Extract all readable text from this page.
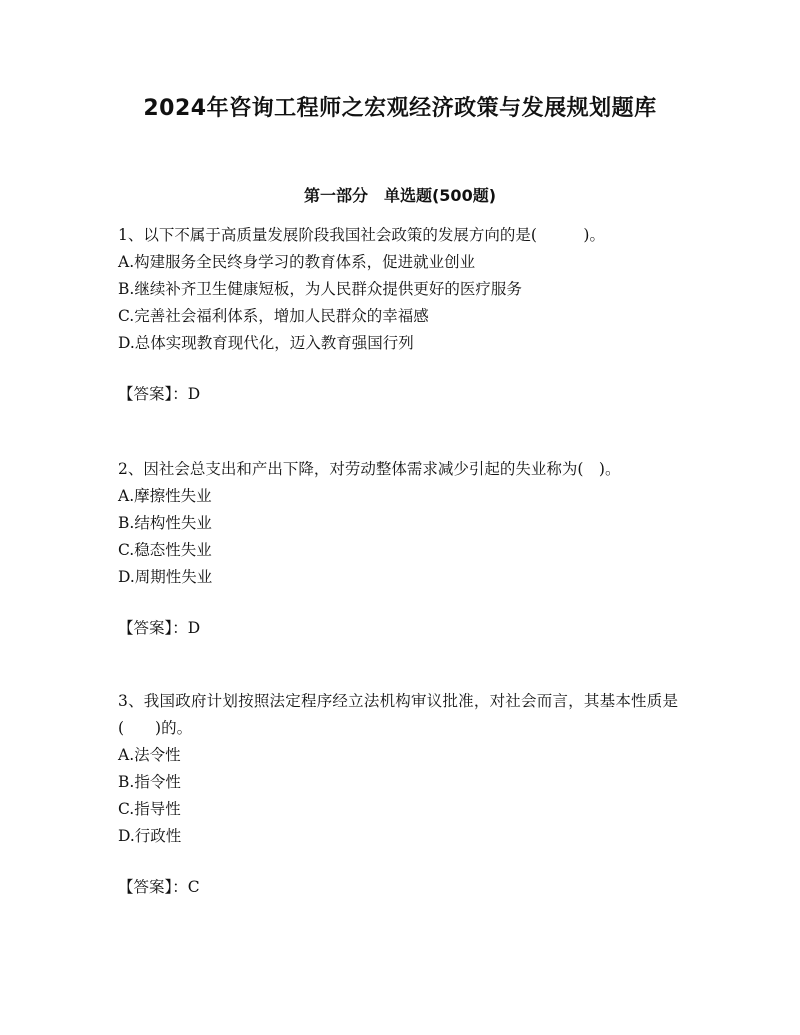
2024年咨询工程师之宏观经济政策与发展规划题库
第一部分　单选题(500题)

1、以下不属于高质量发展阶段我国社会政策的发展方向的是(　　　)。

A.构建服务全民终身学习的教育体系，促进就业创业

B.继续补齐卫生健康短板，为人民群众提供更好的医疗服务

C.完善社会福利体系，增加人民群众的幸福感

D.总体实现教育现代化，迈入教育强国行列

【答案】：D

2、因社会总支出和产出下降，对劳动整体需求减少引起的失业称为(　)。

A.摩擦性失业

B.结构性失业

C.稳态性失业

D.周期性失业

【答案】：D

3、我国政府计划按照法定程序经立法机构审议批准，对社会而言，其基本性质是(　　)的。

A.法令性

B.指令性

C.指导性

D.行政性

【答案】：C
